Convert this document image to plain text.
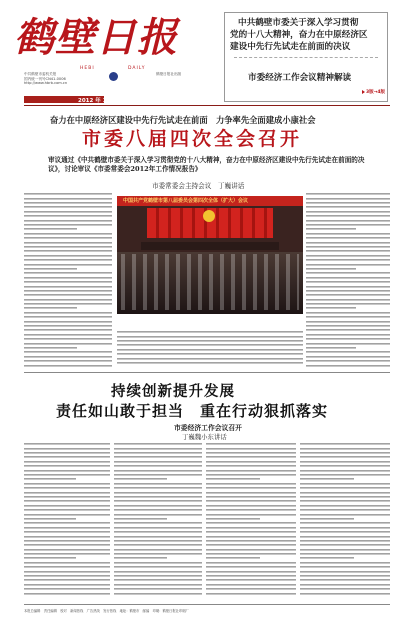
鹤壁日报
HEBI	DAILY
中共鹤壁市委机关报
国内统一刊号CN41-0006
http://www.hbrb.com.cn
鹤壁日报社出版
2012 年 12 月 31 日
中共鹤壁市委关于深入学习贯彻
党的十八大精神，奋力在中原经济区
建设中先行先试走在前面的决议
市委经济工作会议精神解读
3版→4版
奋力在中原经济区建设中先行先试走在前面　力争率先全面建成小康社会
市委八届四次全会召开
审议通过《中共鹤壁市委关于深入学习贯彻党的十八大精神，奋力在中原经济区建设中先行先试走在前面的决议》，讨论审议《市委常委会2012年工作情况报告》
市委常委会主持会议　丁巍讲话
中国共产党鹤壁市第八届委员会第四次全体（扩大）会议
持续创新提升发展
责任如山敢于担当　重在行动狠抓落实
市委经济工作会议召开
丁巍魏小东讲话
本报总编辑　责任编辑　校对　新闻热线　广告热线　发行热线　地址：鹤壁市　邮编　印刷：鹤壁日报社印刷厂
